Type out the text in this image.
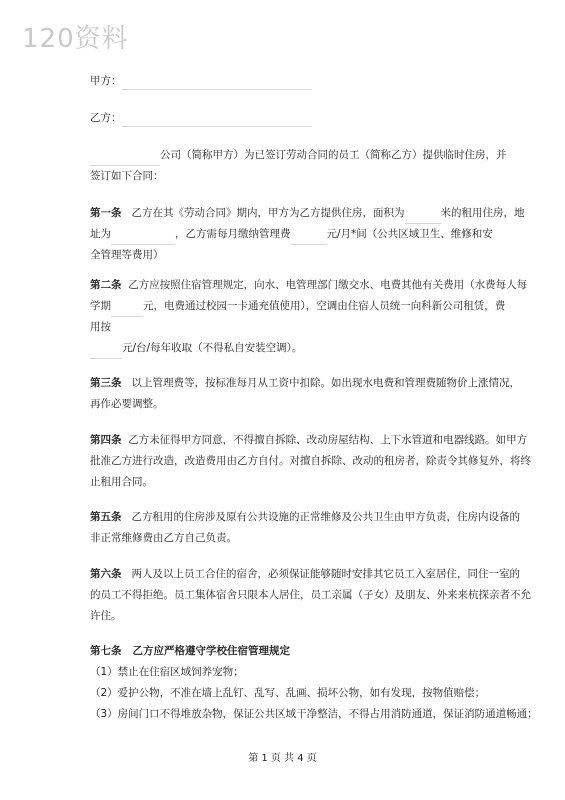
120资料
甲方：
乙方：
公司（简称甲方）为已签订劳动合同的员工（简称乙方）提供临时住房，并
签订如下合同：
第一条 乙方在其《劳动合同》期内，甲方为乙方提供住房，面积为	米的租用住房，地
址为	，乙方需每月缴纳管理费	元/月*间（公共区域卫生、维修和安
全管理等费用）
第二条 乙方应按照住宿管理规定，向水、电管理部门缴交水、电费其他有关费用（水费每人每
学期	元，电费通过校园一卡通充值使用），空调由住宿人员统一向科新公司租赁，费
用按
元/台/每年收取（不得私自安装空调）。
第三条 以上管理费等，按标准每月从工资中扣除。如出现水电费和管理费随物价上涨情况，
再作必要调整。
第四条 乙方未征得甲方同意，不得擅自拆除、改动房屋结构、上下水管道和电器线路。如甲方
批准乙方进行改造，改造费用由乙方自付。对擅自拆除、改动的租房者，除责令其修复外，将终
止租用合同。
第五条 乙方租用的住房涉及原有公共设施的正常维修及公共卫生由甲方负责，住房内设备的
非正常维修费由乙方自己负责。
第六条 两人及以上员工合住的宿舍，必须保证能够随时安排其它员工入室居住，同住一室的
的员工不得拒绝。员工集体宿舍只限本人居住，员工亲属（子女）及朋友、外来来杭探亲者不允
许住。
第七条 乙方应严格遵守学校住宿管理规定
（1）禁止在住宿区域饲养宠物；
（2）爱护公物，不准在墙上乱钉、乱写、乱画、损坏公物，如有发现，按物值赔偿；
（3）房间门口不得堆放杂物，保证公共区域干净整洁，不得占用消防通道，保证消防通道畅通；
第 1 页 共 4 页
